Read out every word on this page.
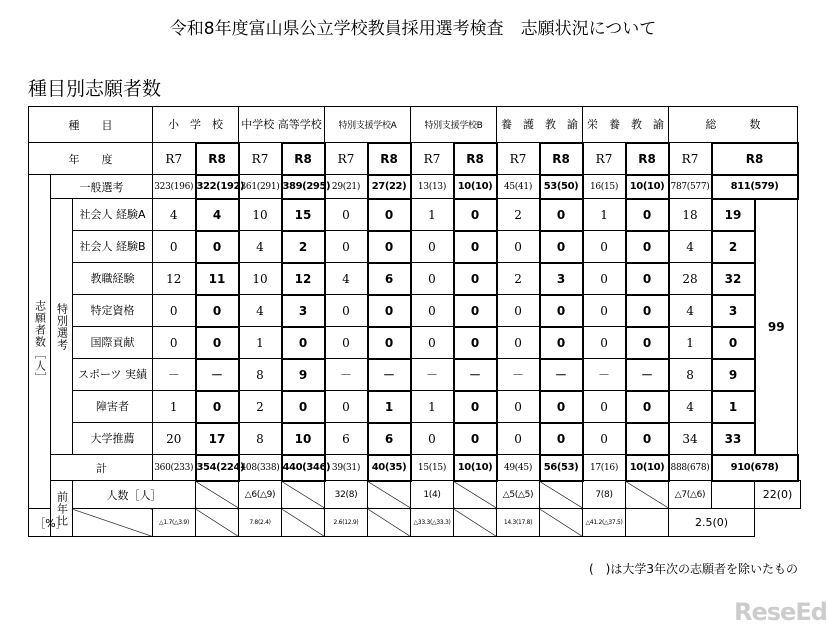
令和8年度富山県公立学校教員採用選考検査　志願状況について
種目別志願者数
種　　目			小　学　校		中学校 高等学校		特別支援学校A		特別支援学校B		養　護　教　諭		栄　養　教　諭		総　　　数		
年　　度			R7	R8	R7	R8	R7	R8	R7	R8	R7	R8	R7	R8	R7	R8	
志願者数［人］	一般選考		323(196)	322(192)	361(291)	389(295)	29(21)	27(22)	13(13)	10(10)	45(41)	53(50)	16(15)	10(10)	787(577)	811(579)	
	特別選考	社会人 経験A	4	4	10	15	0	0	1	0	2	0	1	0	18	19	99
		社会人 経験B	0	0	4	2	0	0	0	0	0	0	0	0	4	2	
		教職経験	12	11	10	12	4	6	0	0	2	3	0	0	28	32	
		特定資格	0	0	4	3	0	0	0	0	0	0	0	0	4	3	
		国際貢献	0	0	1	0	0	0	0	0	0	0	0	0	1	0	
		スポーツ 実績	－	－	8	9	－	－	－	－	－	－	－	－	8	9	
		障害者	1	0	2	0	0	1	1	0	0	0	0	0	4	1	
		大学推薦	20	17	8	10	6	6	0	0	0	0	0	0	34	33	
	計		360(233)	354(224)	408(338)	440(346)	39(31)	40(35)	15(15)	10(10)	49(45)	56(53)	17(16)	10(10)	888(678)	910(678)	
	前年比	人数［人］			△6(△9)		32(8)		1(4)		△5(△5)		7(8)		△7(△6)		22(0)
［%］			△1.7(△3.9)		7.8(2.4)		2.6(12.9)		△33.3(△33.3)		14.3(17.8)		△41.2(△37.5)		2.5(0)		
(　)は大学3年次の志願者を除いたもの
ReseEd
